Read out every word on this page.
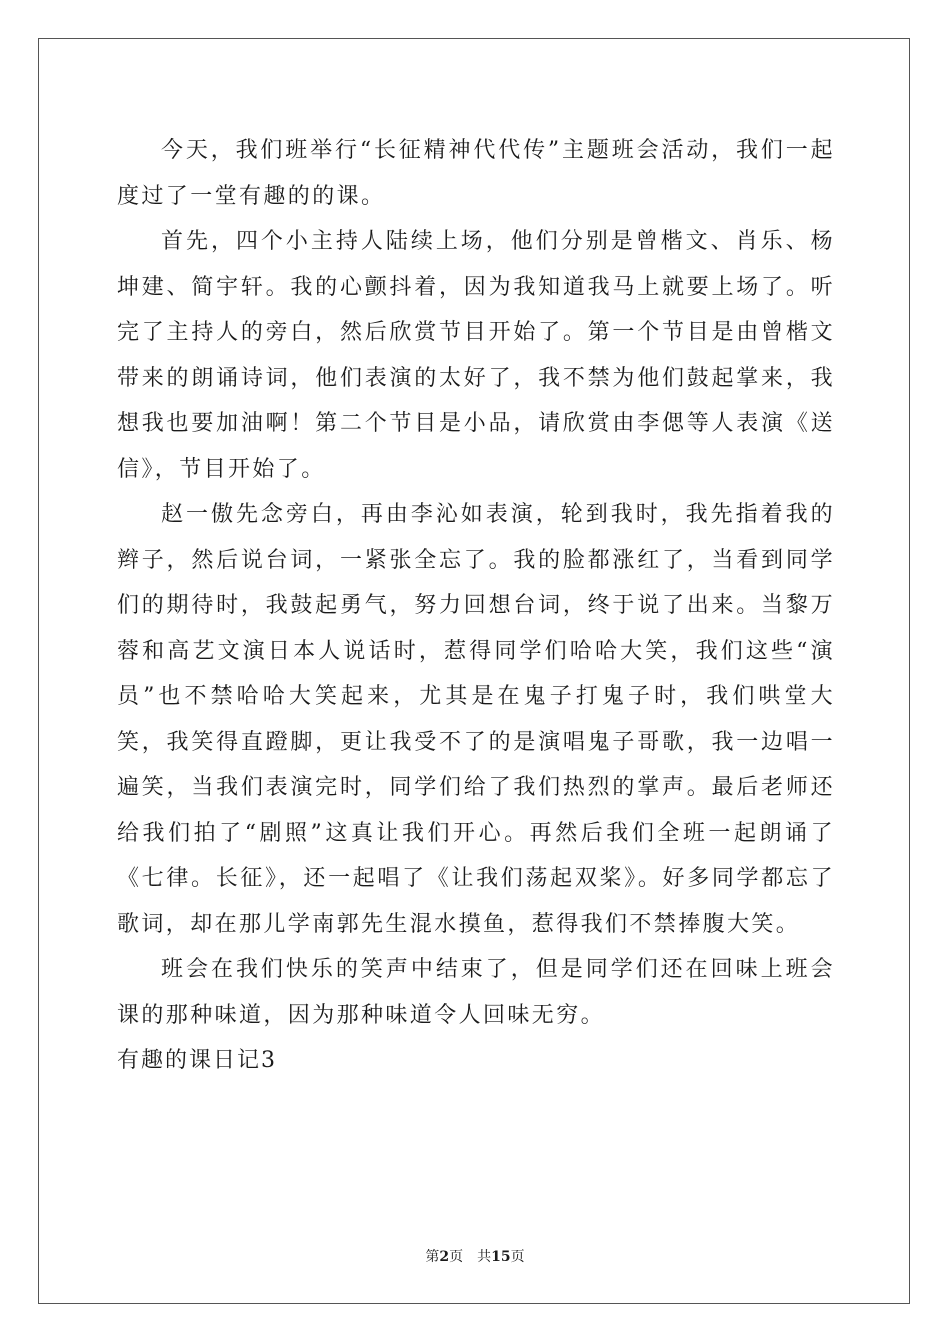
今天，我们班举行“长征精神代代传”主题班会活动，我们一起度过了一堂有趣的的课。

首先，四个小主持人陆续上场，他们分别是曾楷文、肖乐、杨坤建、简宇轩。我的心颤抖着，因为我知道我马上就要上场了。听完了主持人的旁白，然后欣赏节目开始了。第一个节目是由曾楷文带来的朗诵诗词，他们表演的太好了，我不禁为他们鼓起掌来，我想我也要加油啊！第二个节目是小品，请欣赏由李偲等人表演《送信》，节目开始了。

赵一傲先念旁白，再由李沁如表演，轮到我时，我先指着我的辫子，然后说台词，一紧张全忘了。我的脸都涨红了，当看到同学们的期待时，我鼓起勇气，努力回想台词，终于说了出来。当黎万蓉和高艺文演日本人说话时，惹得同学们哈哈大笑，我们这些“演员”也不禁哈哈大笑起来，尤其是在鬼子打鬼子时，我们哄堂大笑，我笑得直蹬脚，更让我受不了的是演唱鬼子哥歌，我一边唱一遍笑，当我们表演完时，同学们给了我们热烈的掌声。最后老师还给我们拍了“剧照”这真让我们开心。再然后我们全班一起朗诵了《七律。长征》，还一起唱了《让我们荡起双桨》。好多同学都忘了歌词，却在那儿学南郭先生混水摸鱼，惹得我们不禁捧腹大笑。

班会在我们快乐的笑声中结束了，但是同学们还在回味上班会课的那种味道，因为那种味道令人回味无穷。

有趣的课日记3

第2页 共15页
